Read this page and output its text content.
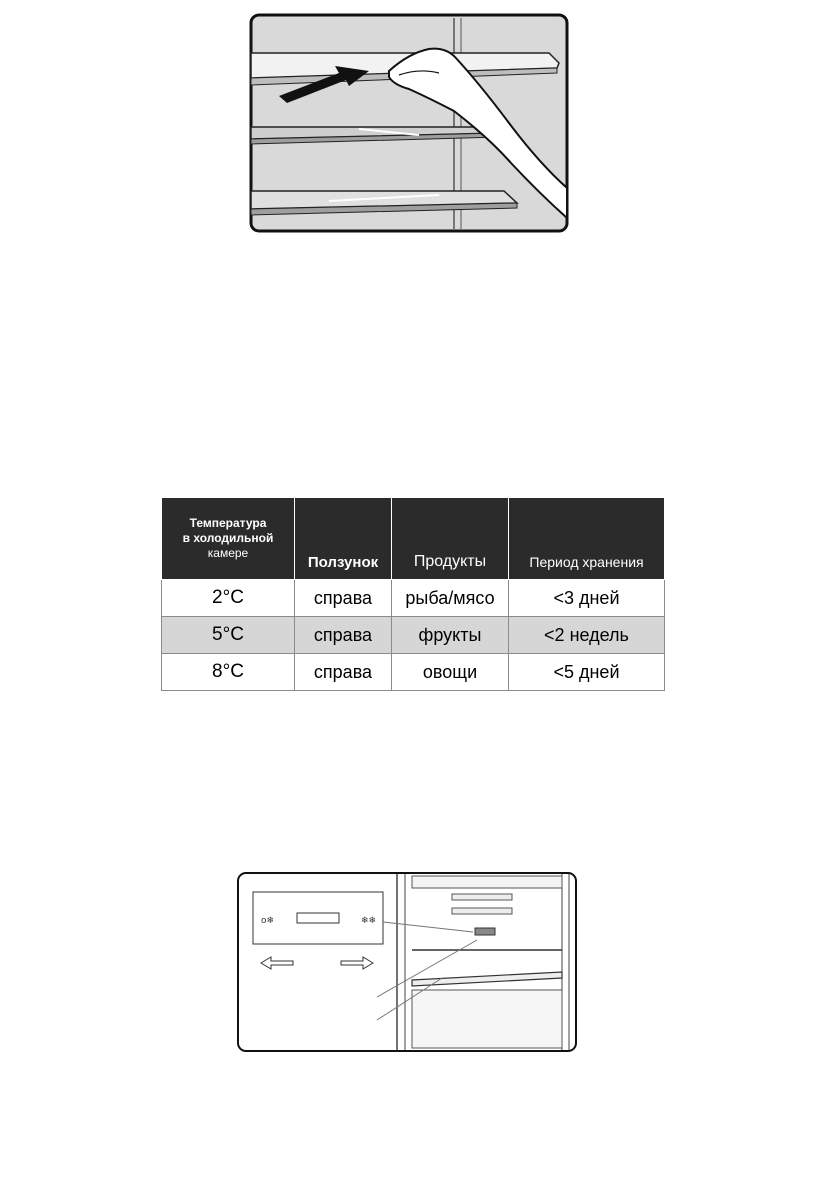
Температура
в холодильной
камере	Ползунок	Продукты	Период хранения
2°C	справа	рыба/мясо	<3 дней
5°C	справа	фрукты	<2 недель
8°C	справа	овощи	<5 дней
o❄	❄❄
